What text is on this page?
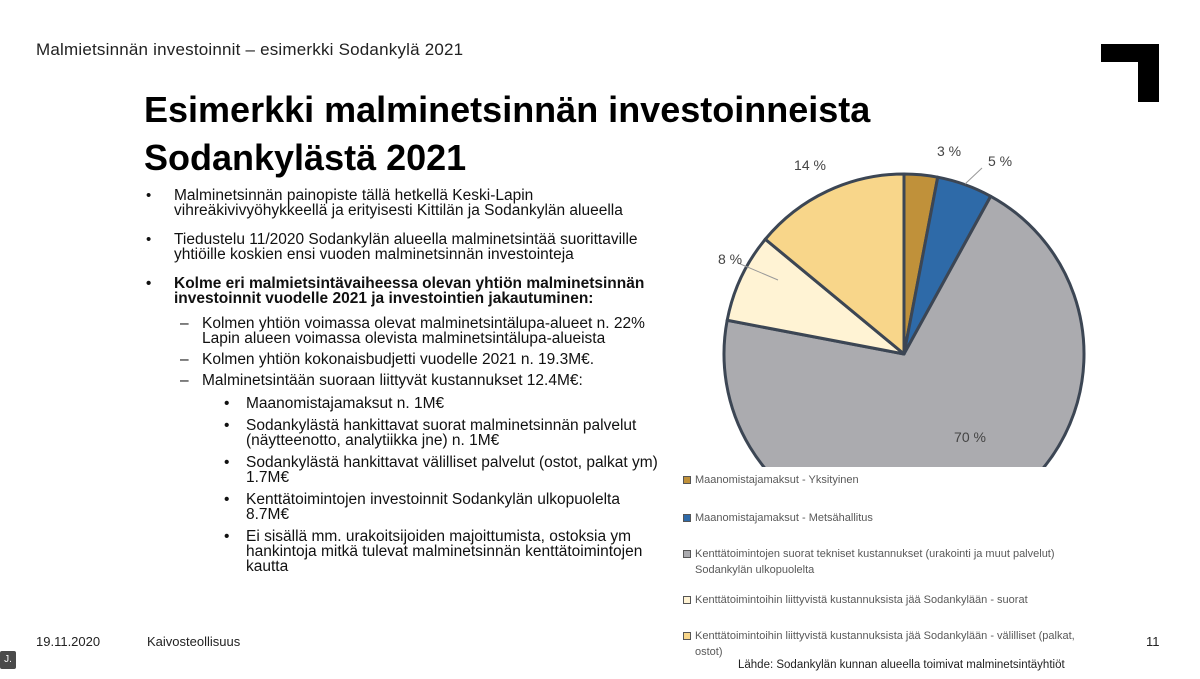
Malmietsinnän investoinnit – esimerkki Sodankylä 2021
Esimerkki malminetsinnän investoinneista
Sodankylästä 2021
• Malminetsinnän painopiste tällä hetkellä Keski-Lapin vihreäkivivyöhykkeellä ja erityisesti Kittilän ja Sodankylän alueella
• Tiedustelu 11/2020 Sodankylän alueella malminetsintää suorittaville yhtiöille koskien ensi vuoden malminetsinnän investointeja
• Kolme eri malmietsintävaiheessa olevan yhtiön malminetsinnän investoinnit vuodelle 2021 ja investointien jakautuminen:
– Kolmen yhtiön voimassa olevat malminetsintälupa-alueet n. 22% Lapin alueen voimassa olevista malminetsintälupa-alueista
– Kolmen yhtiön kokonaisbudjetti vuodelle 2021 n. 19.3M€.
– Malminetsintään suoraan liittyvät kustannukset 12.4M€:
• Maanomistajamaksut n. 1M€
• Sodankylästä hankittavat suorat malminetsinnän palvelut (näytteenotto, analytiikka jne) n. 1M€
• Sodankylästä hankittavat välilliset palvelut (ostot, palkat ym) 1.7M€
• Kenttätoimintojen investoinnit Sodankylän ulkopuolelta 8.7M€
• Ei sisällä mm. urakoitsijoiden majoittumista, ostoksia ym hankintoja mitkä tulevat malminetsinnän kenttätoimintojen kautta
3 %
5 %
70 %
8 %
14 %
Maanomistajamaksut - Yksityinen
Maanomistajamaksut - Metsähallitus
Kenttätoimintojen suorat tekniset kustannukset (urakointi ja muut palvelut) Sodankylän ulkopuolelta
Kenttätoimintoihin liittyvistä kustannuksista jää Sodankylään - suorat
Kenttätoimintoihin liittyvistä kustannuksista jää Sodankylään - välilliset (palkat, ostot)
Lähde: Sodankylän kunnan alueella toimivat malminetsintäyhtiöt
19.11.2020	Kaivosteollisuus	11
J.
